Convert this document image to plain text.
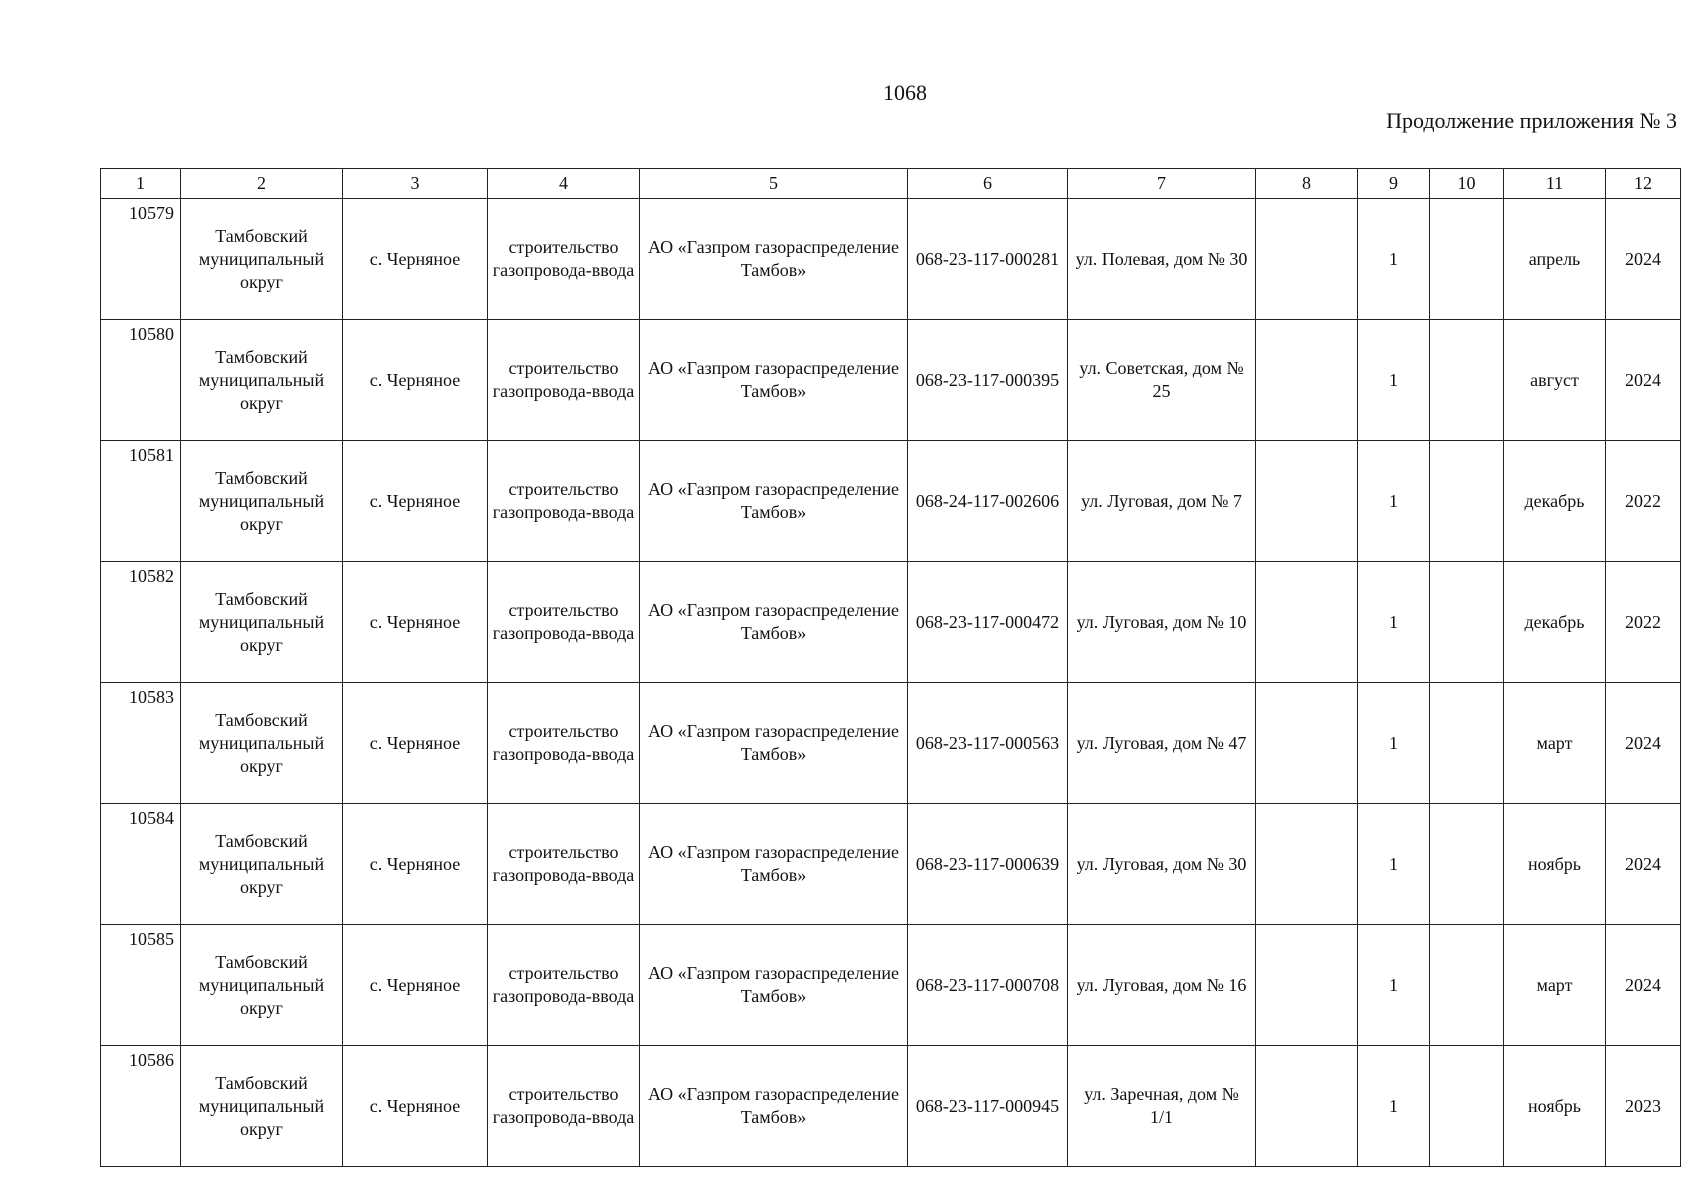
1068
Продолжение приложения № 3
1	2	3	4	5	6	7	8	9	10	11	12
10579	Тамбовский муниципальный округ	с. Черняное	строительство газопровода-ввода	АО «Газпром газораспределение Тамбов»	068-23-117-000281	ул. Полевая, дом № 30		1		апрель	2024
10580	Тамбовский муниципальный округ	с. Черняное	строительство газопровода-ввода	АО «Газпром газораспределение Тамбов»	068-23-117-000395	ул. Советская, дом № 25		1		август	2024
10581	Тамбовский муниципальный округ	с. Черняное	строительство газопровода-ввода	АО «Газпром газораспределение Тамбов»	068-24-117-002606	ул. Луговая, дом № 7		1		декабрь	2022
10582	Тамбовский муниципальный округ	с. Черняное	строительство газопровода-ввода	АО «Газпром газораспределение Тамбов»	068-23-117-000472	ул. Луговая, дом № 10		1		декабрь	2022
10583	Тамбовский муниципальный округ	с. Черняное	строительство газопровода-ввода	АО «Газпром газораспределение Тамбов»	068-23-117-000563	ул. Луговая, дом № 47		1		март	2024
10584	Тамбовский муниципальный округ	с. Черняное	строительство газопровода-ввода	АО «Газпром газораспределение Тамбов»	068-23-117-000639	ул. Луговая, дом № 30		1		ноябрь	2024
10585	Тамбовский муниципальный округ	с. Черняное	строительство газопровода-ввода	АО «Газпром газораспределение Тамбов»	068-23-117-000708	ул. Луговая, дом № 16		1		март	2024
10586	Тамбовский муниципальный округ	с. Черняное	строительство газопровода-ввода	АО «Газпром газораспределение Тамбов»	068-23-117-000945	ул. Заречная, дом № 1/1		1		ноябрь	2023
